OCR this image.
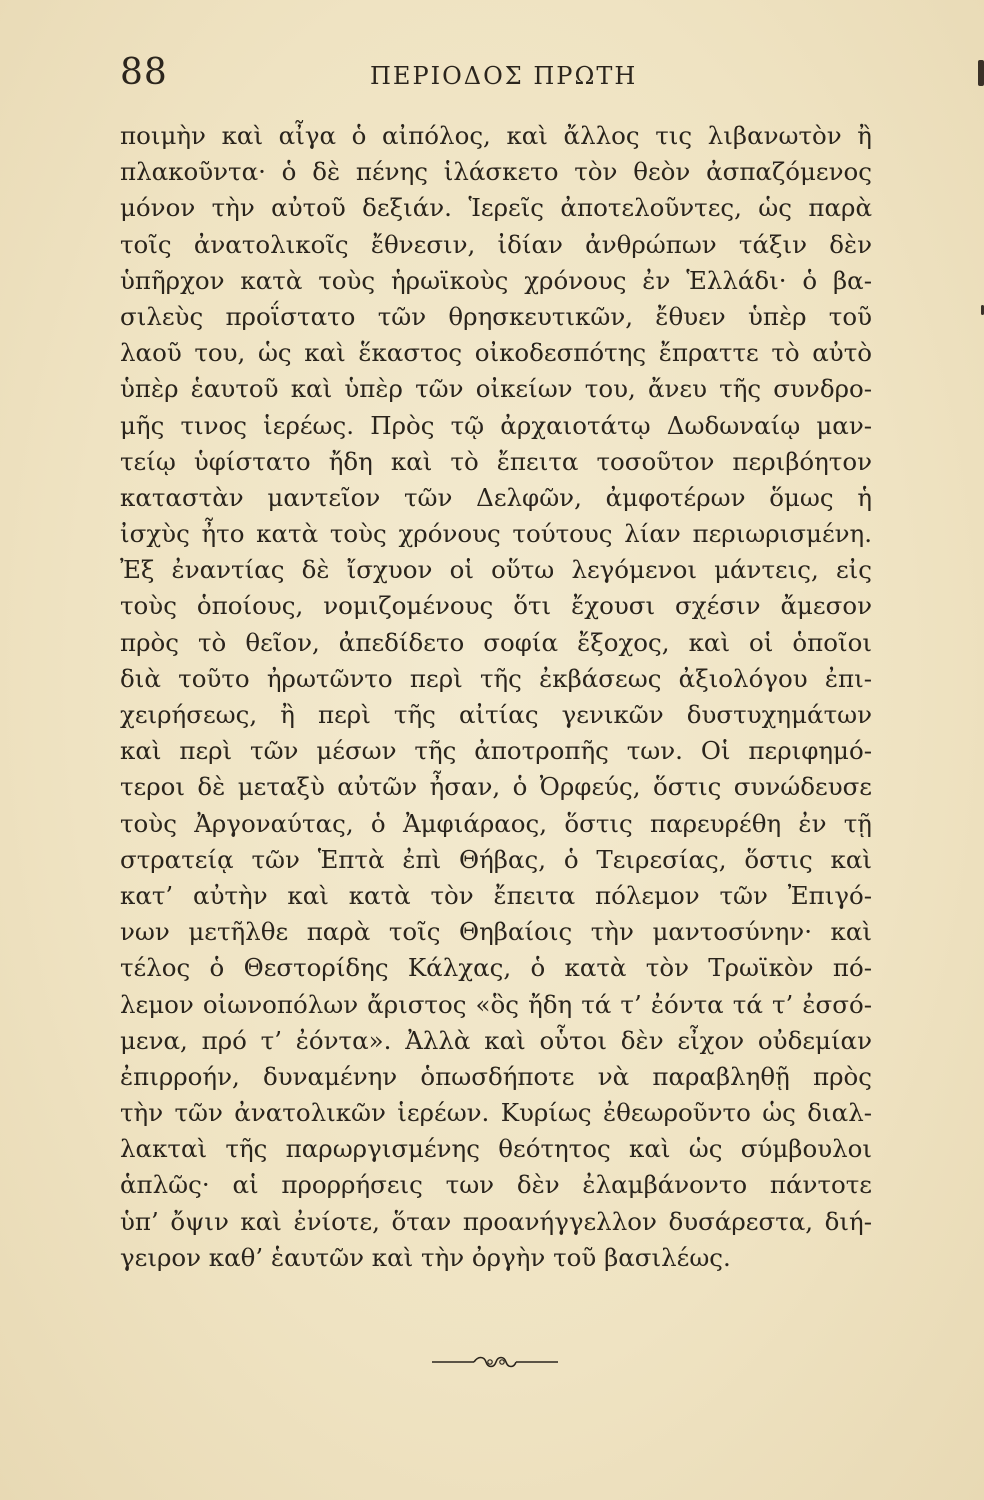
88	ΠΕΡΙΟΔΟΣ ΠΡΩΤΗ
ποιμὴν καὶ αἶγα ὁ αἰπόλος, καὶ ἄλλος τις λιβανωτὸν ἢ
πλακοῦντα· ὁ δὲ πένης ἱλάσκετο τὸν θεὸν ἀσπαζόμενος
μόνον τὴν αὐτοῦ δεξιάν. Ἱερεῖς ἀποτελοῦντες, ὡς παρὰ
τοῖς ἀνατολικοῖς ἔθνεσιν, ἰδίαν ἀνθρώπων τάξιν δὲν
ὑπῆρχον κατὰ τοὺς ἡρωϊκοὺς χρόνους ἐν Ἑλλάδι· ὁ βα-
σιλεὺς προΐστατο τῶν θρησκευτικῶν, ἔθυεν ὑπὲρ τοῦ
λαοῦ του, ὡς καὶ ἕκαστος οἰκοδεσπότης ἔπραττε τὸ αὐτὸ
ὑπὲρ ἑαυτοῦ καὶ ὑπὲρ τῶν οἰκείων του, ἄνευ τῆς συνδρο-
μῆς τινος ἱερέως. Πρὸς τῷ ἀρχαιοτάτῳ Δωδωναίῳ μαν-
τείῳ ὑφίστατο ἤδη καὶ τὸ ἔπειτα τοσοῦτον περιβόητον
καταστὰν μαντεῖον τῶν Δελφῶν, ἀμφοτέρων ὅμως ἡ
ἰσχὺς ἦτο κατὰ τοὺς χρόνους τούτους λίαν περιωρισμένη.
Ἐξ ἐναντίας δὲ ἴσχυον οἱ οὕτω λεγόμενοι μάντεις, εἰς
τοὺς ὁποίους, νομιζομένους ὅτι ἔχουσι σχέσιν ἄμεσον
πρὸς τὸ θεῖον, ἀπεδίδετο σοφία ἔξοχος, καὶ οἱ ὁποῖοι
διὰ τοῦτο ἠρωτῶντο περὶ τῆς ἐκβάσεως ἀξιολόγου ἐπι-
χειρήσεως, ἢ περὶ τῆς αἰτίας γενικῶν δυστυχημάτων
καὶ περὶ τῶν μέσων τῆς ἀποτροπῆς των. Οἱ περιφημό-
τεροι δὲ μεταξὺ αὐτῶν ἦσαν, ὁ Ὀρφεύς, ὅστις συνώδευσε
τοὺς Ἀργοναύτας, ὁ Ἀμφιάραος, ὅστις παρευρέθη ἐν τῇ
στρατείᾳ τῶν Ἑπτὰ ἐπὶ Θήβας, ὁ Τειρεσίας, ὅστις καὶ
κατ’ αὐτὴν καὶ κατὰ τὸν ἔπειτα πόλεμον τῶν Ἐπιγό-
νων μετῆλθε παρὰ τοῖς Θηβαίοις τὴν μαντοσύνην· καὶ
τέλος ὁ Θεστορίδης Κάλχας, ὁ κατὰ τὸν Τρωϊκὸν πό-
λεμον οἰωνοπόλων ἄριστος «ὃς ἤδη τά τ’ ἐόντα τά τ’ ἐσσό-
μενα, πρό τ’ ἐόντα». Ἀλλὰ καὶ οὗτοι δὲν εἶχον οὐδεμίαν
ἐπιρροήν, δυναμένην ὁπωσδήποτε νὰ παραβληθῇ πρὸς
τὴν τῶν ἀνατολικῶν ἱερέων. Κυρίως ἐθεωροῦντο ὡς διαλ-
λακταὶ τῆς παρωργισμένης θεότητος καὶ ὡς σύμβουλοι
ἁπλῶς· αἱ προρρήσεις των δὲν ἐλαμβάνοντο πάντοτε
ὑπ’ ὄψιν καὶ ἐνίοτε, ὅταν προανήγγελλον δυσάρεστα, διή-
γειρον καθ’ ἑαυτῶν καὶ τὴν ὀργὴν τοῦ βασιλέως.
